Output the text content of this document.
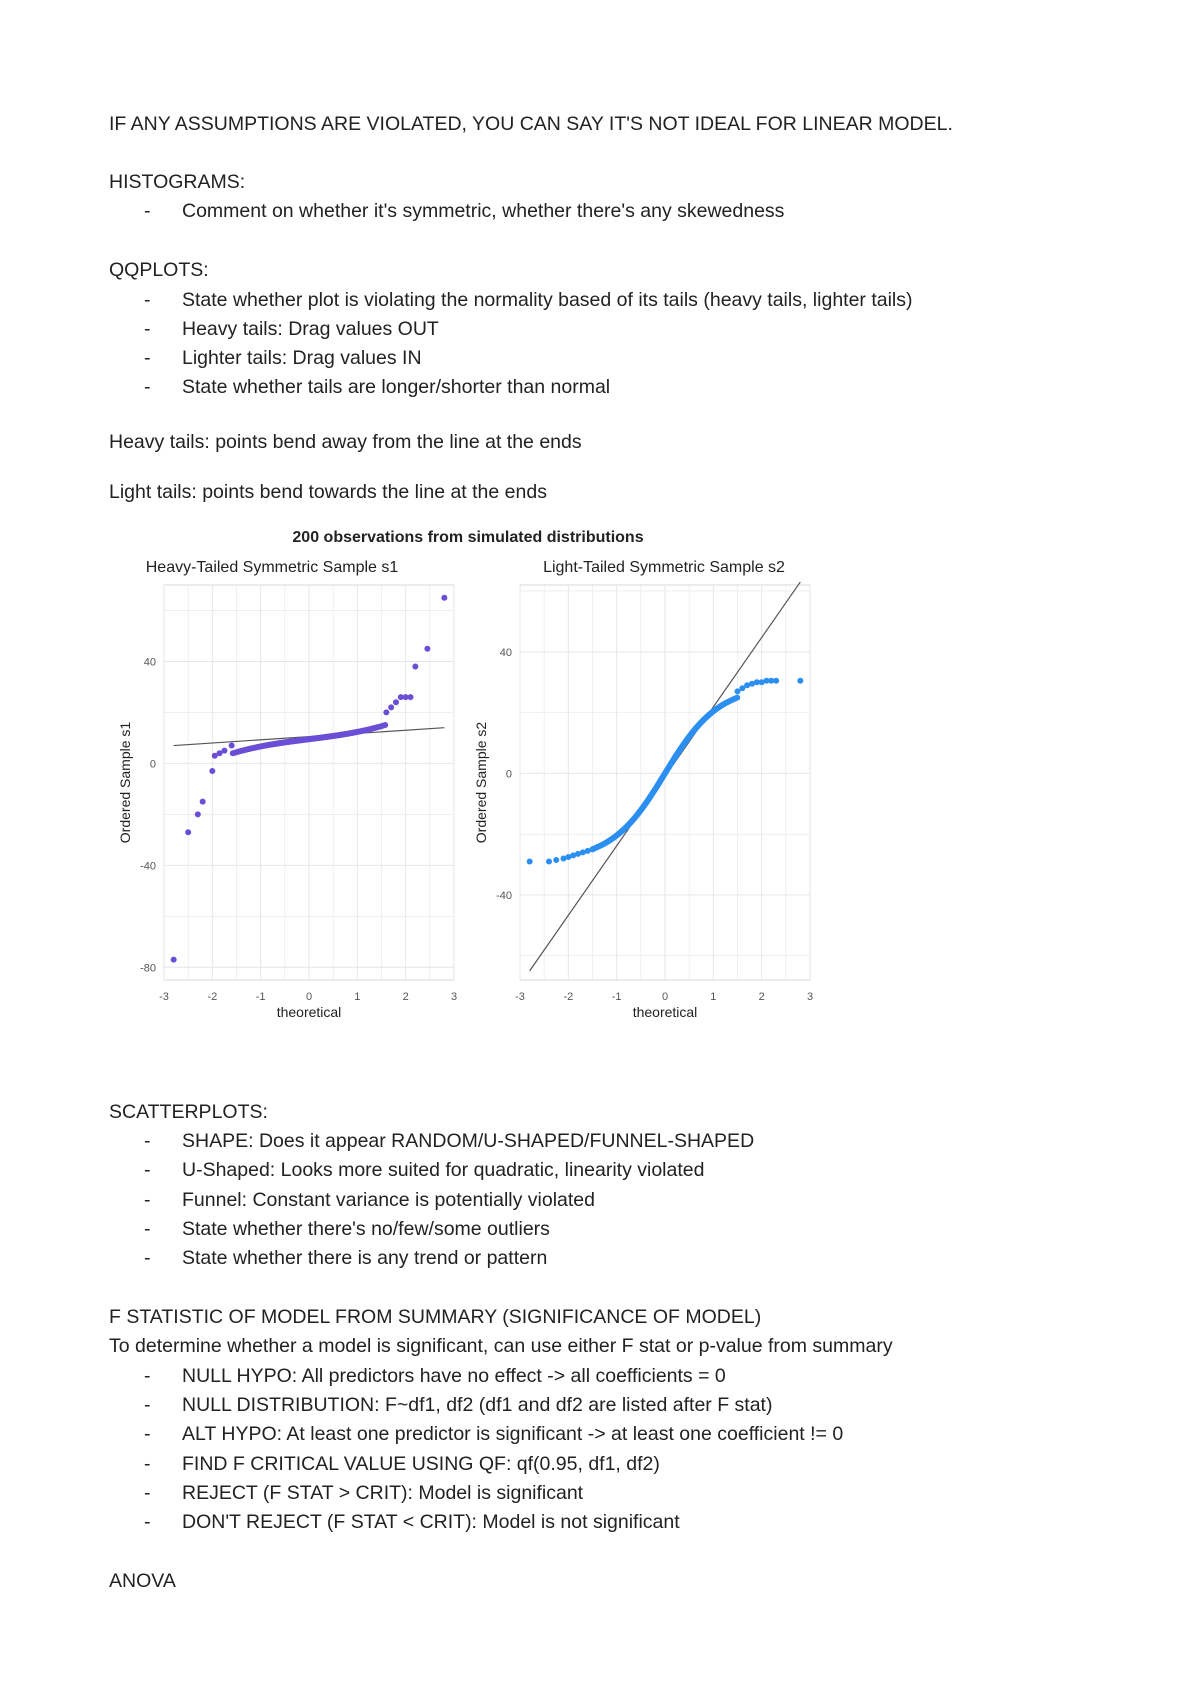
IF ANY ASSUMPTIONS ARE VIOLATED, YOU CAN SAY IT'S NOT IDEAL FOR LINEAR MODEL.
HISTOGRAMS:
- Comment on whether it's symmetric, whether there's any skewedness
QQPLOTS:
- State whether plot is violating the normality based of its tails (heavy tails, lighter tails)
- Heavy tails: Drag values OUT
- Lighter tails: Drag values IN
- State whether tails are longer/shorter than normal
Heavy tails: points bend away from the line at the ends
Light tails: points bend towards the line at the ends
200 observations from simulated distributions
Heavy-Tailed Symmetric Sample s1
-3	-2	-1	0	1	2	3
40
0
-40
-80
theoretical
Ordered Sample s1
Light-Tailed Symmetric Sample s2
-3	-2	-1	0	1	2	3
40
0
-40
theoretical
Ordered Sample s2
SCATTERPLOTS:
- SHAPE: Does it appear RANDOM/U-SHAPED/FUNNEL-SHAPED
- U-Shaped: Looks more suited for quadratic, linearity violated
- Funnel: Constant variance is potentially violated
- State whether there's no/few/some outliers
- State whether there is any trend or pattern
F STATISTIC OF MODEL FROM SUMMARY (SIGNIFICANCE OF MODEL)
To determine whether a model is significant, can use either F stat or p-value from summary
- NULL HYPO: All predictors have no effect -> all coefficients = 0
- NULL DISTRIBUTION: F~df1, df2 (df1 and df2 are listed after F stat)
- ALT HYPO: At least one predictor is significant -> at least one coefficient != 0
- FIND F CRITICAL VALUE USING QF: qf(0.95, df1, df2)
- REJECT (F STAT > CRIT): Model is significant
- DON'T REJECT (F STAT < CRIT): Model is not significant
ANOVA
